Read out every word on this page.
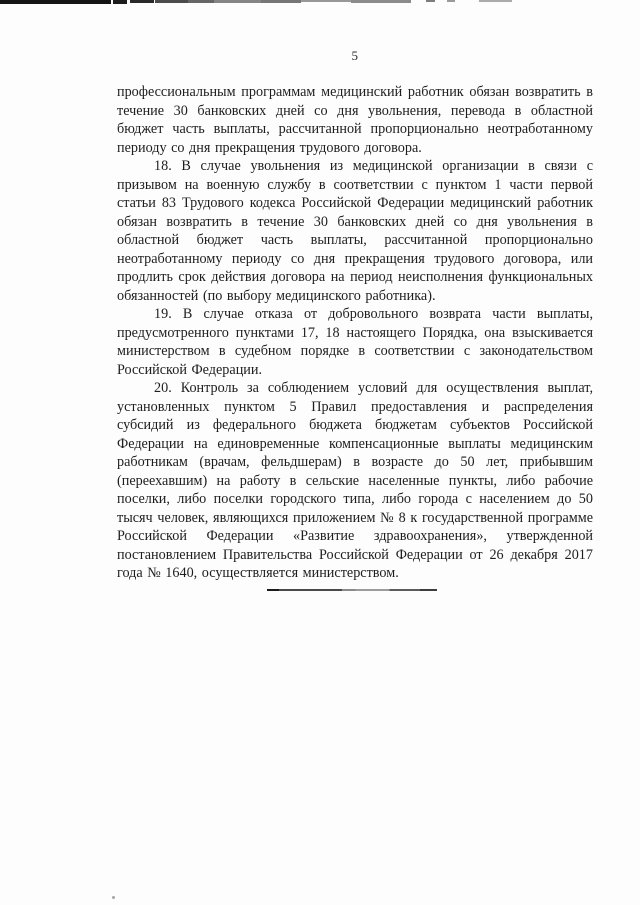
5

профессиональным программам медицинский работник обязан возвратить в течение 30 банковских дней со дня увольнения, перевода в областной бюджет часть выплаты, рассчитанной пропорционально неотработанному периоду со дня прекращения трудового договора.

18. В случае увольнения из медицинской организации в связи с призывом на военную службу в соответствии с пунктом 1 части первой статьи 83 Трудового кодекса Российской Федерации медицинский работник обязан возвратить в течение 30 банковских дней со дня увольнения в областной бюджет часть выплаты, рассчитанной пропорционально неотработанному периоду со дня прекращения трудового договора, или продлить срок действия договора на период неисполнения функциональных обязанностей (по выбору медицинского работника).

19. В случае отказа от добровольного возврата части выплаты, предусмотренного пунктами 17, 18 настоящего Порядка, она взыскивается министерством в судебном порядке в соответствии с законодательством Российской Федерации.

20. Контроль за соблюдением условий для осуществления выплат, установленных пунктом 5 Правил предоставления и распределения субсидий из федерального бюджета бюджетам субъектов Российской Федерации на единовременные компенсационные выплаты медицинским работникам (врачам, фельдшерам) в возрасте до 50 лет, прибывшим (переехавшим) на работу в сельские населенные пункты, либо рабочие поселки, либо поселки городского типа, либо города с населением до 50 тысяч человек, являющихся приложением № 8 к государственной программе Российской Федерации «Развитие здравоохранения», утвержденной постановлением Правительства Российской Федерации от 26 декабря 2017 года № 1640, осуществляется министерством.
